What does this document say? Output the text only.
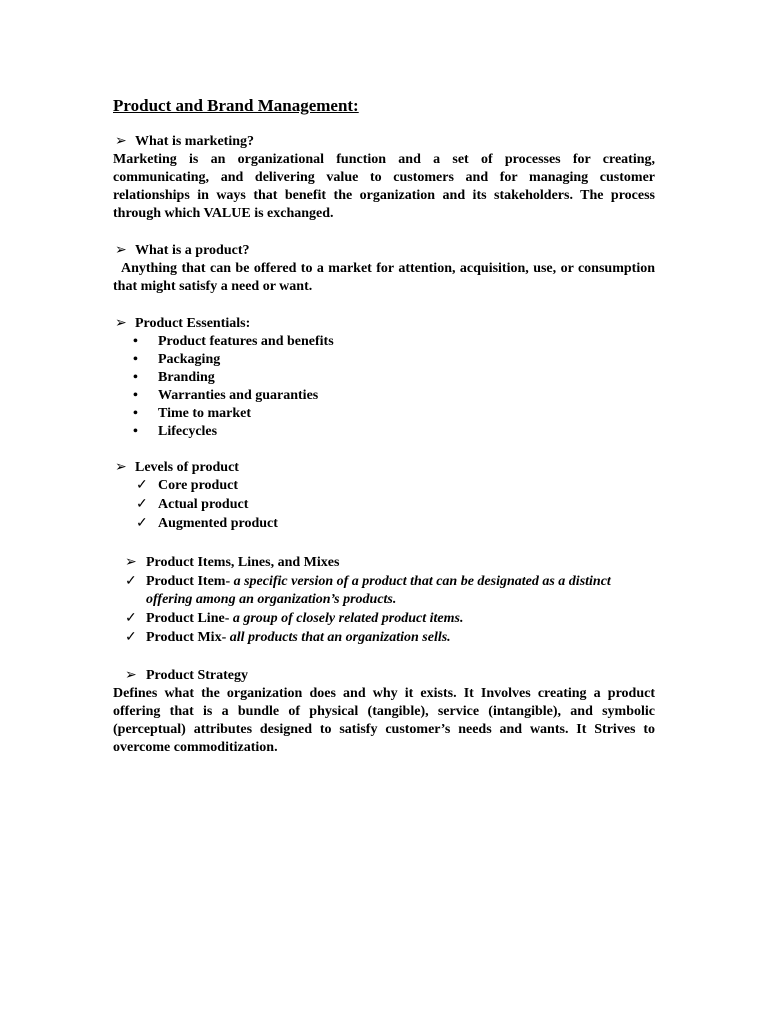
Product and Brand Management:
➢ What is marketing?

Marketing is an organizational function and a set of processes for creating, communicating, and delivering value to customers and for managing customer relationships in ways that benefit the organization and its stakeholders. The process through which VALUE is exchanged.

➢ What is a product?

Anything that can be offered to a market for attention, acquisition, use, or consumption that might satisfy a need or want.

➢ Product Essentials:
• Product features and benefits
• Packaging
• Branding
• Warranties and guaranties
• Time to market
• Lifecycles
➢ Levels of product
✓ Core product
✓ Actual product
✓ Augmented product
➢ Product Items, Lines, and Mixes
✓ Product Item- a specific version of a product that can be designated as a distinct offering among an organization’s products.
✓ Product Line- a group of closely related product items.
✓ Product Mix- all products that an organization sells.
➢ Product Strategy

Defines what the organization does and why it exists. It Involves creating a product offering that is a bundle of physical (tangible), service (intangible), and symbolic (perceptual) attributes designed to satisfy customer’s needs and wants. It Strives to overcome commoditization.
